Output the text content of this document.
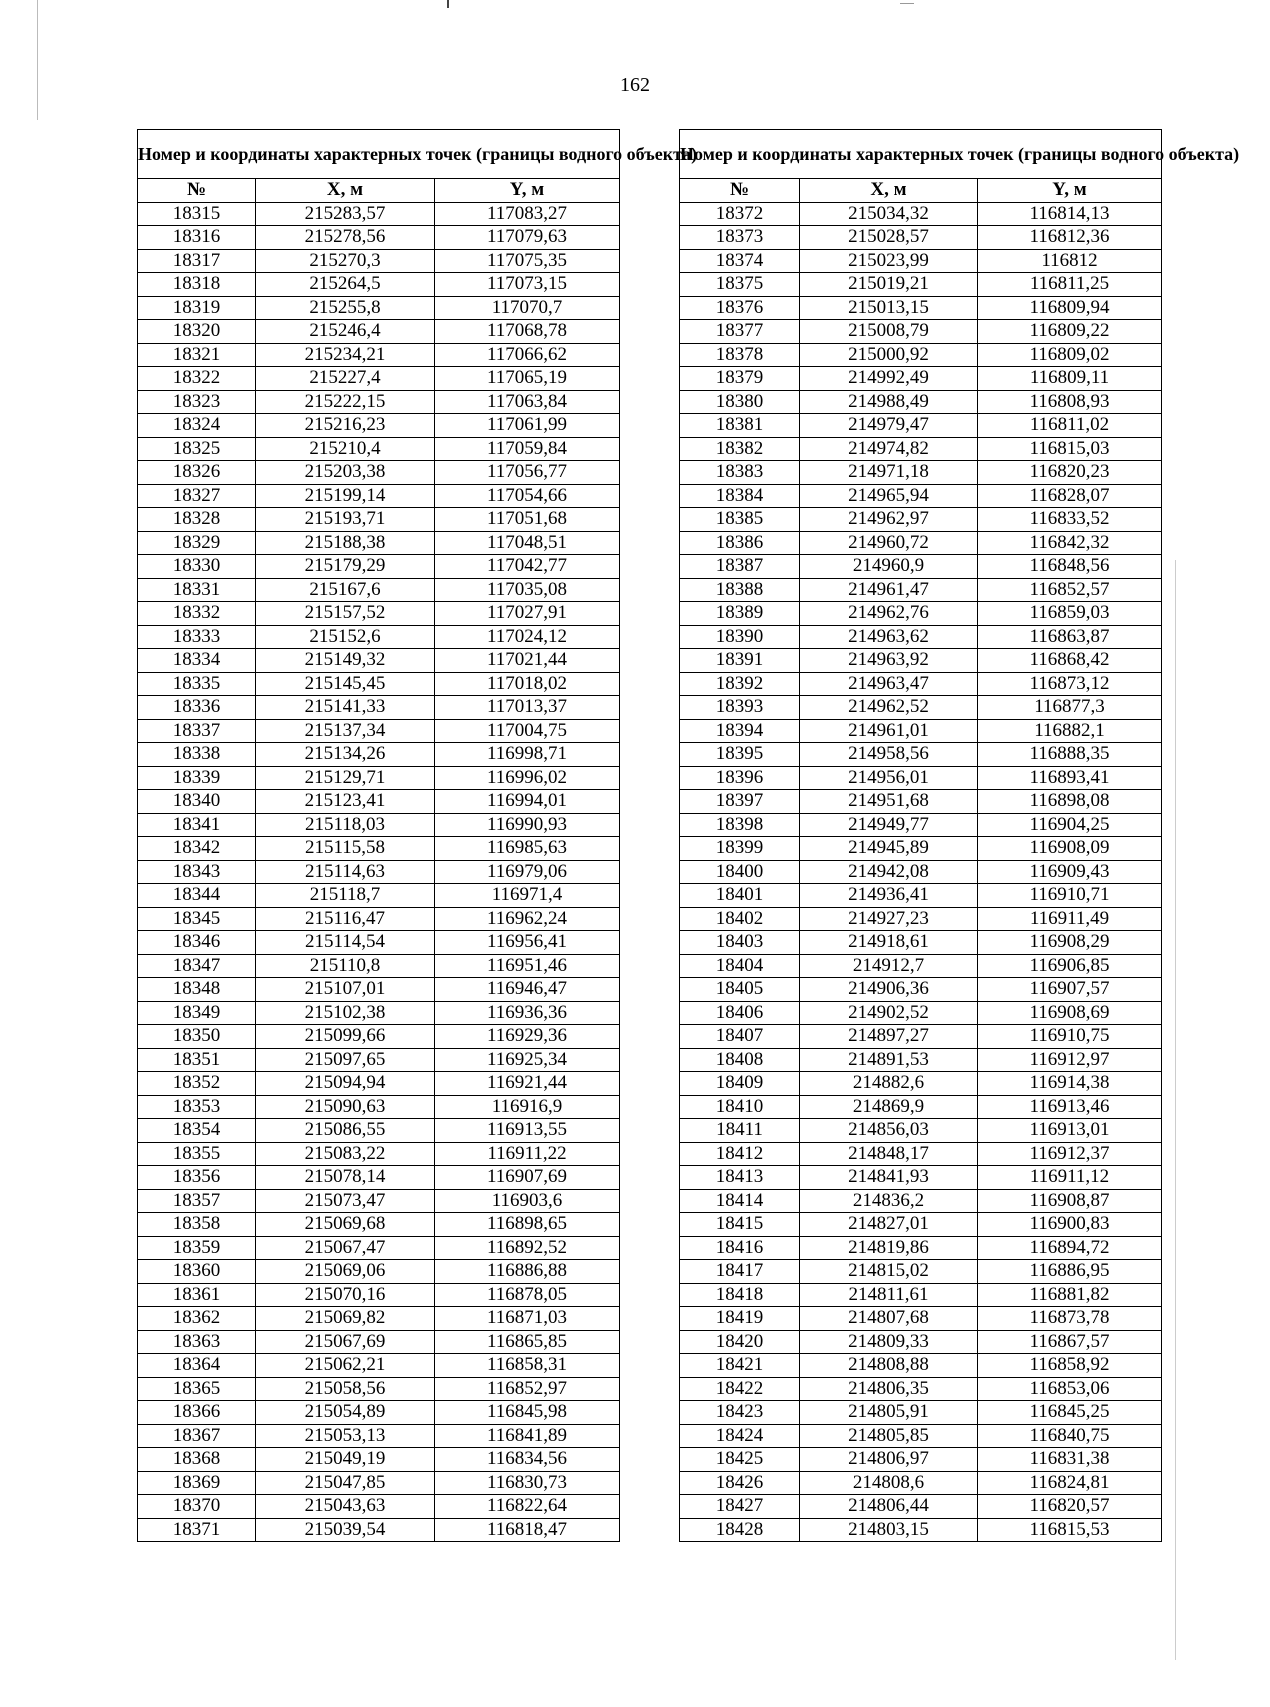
162
Номер и координаты характерных точек (границы водного объекта)		
№	X, м	Y, м
18315	215283,57	117083,27
18316	215278,56	117079,63
18317	215270,3	117075,35
18318	215264,5	117073,15
18319	215255,8	117070,7
18320	215246,4	117068,78
18321	215234,21	117066,62
18322	215227,4	117065,19
18323	215222,15	117063,84
18324	215216,23	117061,99
18325	215210,4	117059,84
18326	215203,38	117056,77
18327	215199,14	117054,66
18328	215193,71	117051,68
18329	215188,38	117048,51
18330	215179,29	117042,77
18331	215167,6	117035,08
18332	215157,52	117027,91
18333	215152,6	117024,12
18334	215149,32	117021,44
18335	215145,45	117018,02
18336	215141,33	117013,37
18337	215137,34	117004,75
18338	215134,26	116998,71
18339	215129,71	116996,02
18340	215123,41	116994,01
18341	215118,03	116990,93
18342	215115,58	116985,63
18343	215114,63	116979,06
18344	215118,7	116971,4
18345	215116,47	116962,24
18346	215114,54	116956,41
18347	215110,8	116951,46
18348	215107,01	116946,47
18349	215102,38	116936,36
18350	215099,66	116929,36
18351	215097,65	116925,34
18352	215094,94	116921,44
18353	215090,63	116916,9
18354	215086,55	116913,55
18355	215083,22	116911,22
18356	215078,14	116907,69
18357	215073,47	116903,6
18358	215069,68	116898,65
18359	215067,47	116892,52
18360	215069,06	116886,88
18361	215070,16	116878,05
18362	215069,82	116871,03
18363	215067,69	116865,85
18364	215062,21	116858,31
18365	215058,56	116852,97
18366	215054,89	116845,98
18367	215053,13	116841,89
18368	215049,19	116834,56
18369	215047,85	116830,73
18370	215043,63	116822,64
18371	215039,54	116818,47
Номер и координаты характерных точек (границы водного объекта)		
№	X, м	Y, м
18372	215034,32	116814,13
18373	215028,57	116812,36
18374	215023,99	116812
18375	215019,21	116811,25
18376	215013,15	116809,94
18377	215008,79	116809,22
18378	215000,92	116809,02
18379	214992,49	116809,11
18380	214988,49	116808,93
18381	214979,47	116811,02
18382	214974,82	116815,03
18383	214971,18	116820,23
18384	214965,94	116828,07
18385	214962,97	116833,52
18386	214960,72	116842,32
18387	214960,9	116848,56
18388	214961,47	116852,57
18389	214962,76	116859,03
18390	214963,62	116863,87
18391	214963,92	116868,42
18392	214963,47	116873,12
18393	214962,52	116877,3
18394	214961,01	116882,1
18395	214958,56	116888,35
18396	214956,01	116893,41
18397	214951,68	116898,08
18398	214949,77	116904,25
18399	214945,89	116908,09
18400	214942,08	116909,43
18401	214936,41	116910,71
18402	214927,23	116911,49
18403	214918,61	116908,29
18404	214912,7	116906,85
18405	214906,36	116907,57
18406	214902,52	116908,69
18407	214897,27	116910,75
18408	214891,53	116912,97
18409	214882,6	116914,38
18410	214869,9	116913,46
18411	214856,03	116913,01
18412	214848,17	116912,37
18413	214841,93	116911,12
18414	214836,2	116908,87
18415	214827,01	116900,83
18416	214819,86	116894,72
18417	214815,02	116886,95
18418	214811,61	116881,82
18419	214807,68	116873,78
18420	214809,33	116867,57
18421	214808,88	116858,92
18422	214806,35	116853,06
18423	214805,91	116845,25
18424	214805,85	116840,75
18425	214806,97	116831,38
18426	214808,6	116824,81
18427	214806,44	116820,57
18428	214803,15	116815,53
